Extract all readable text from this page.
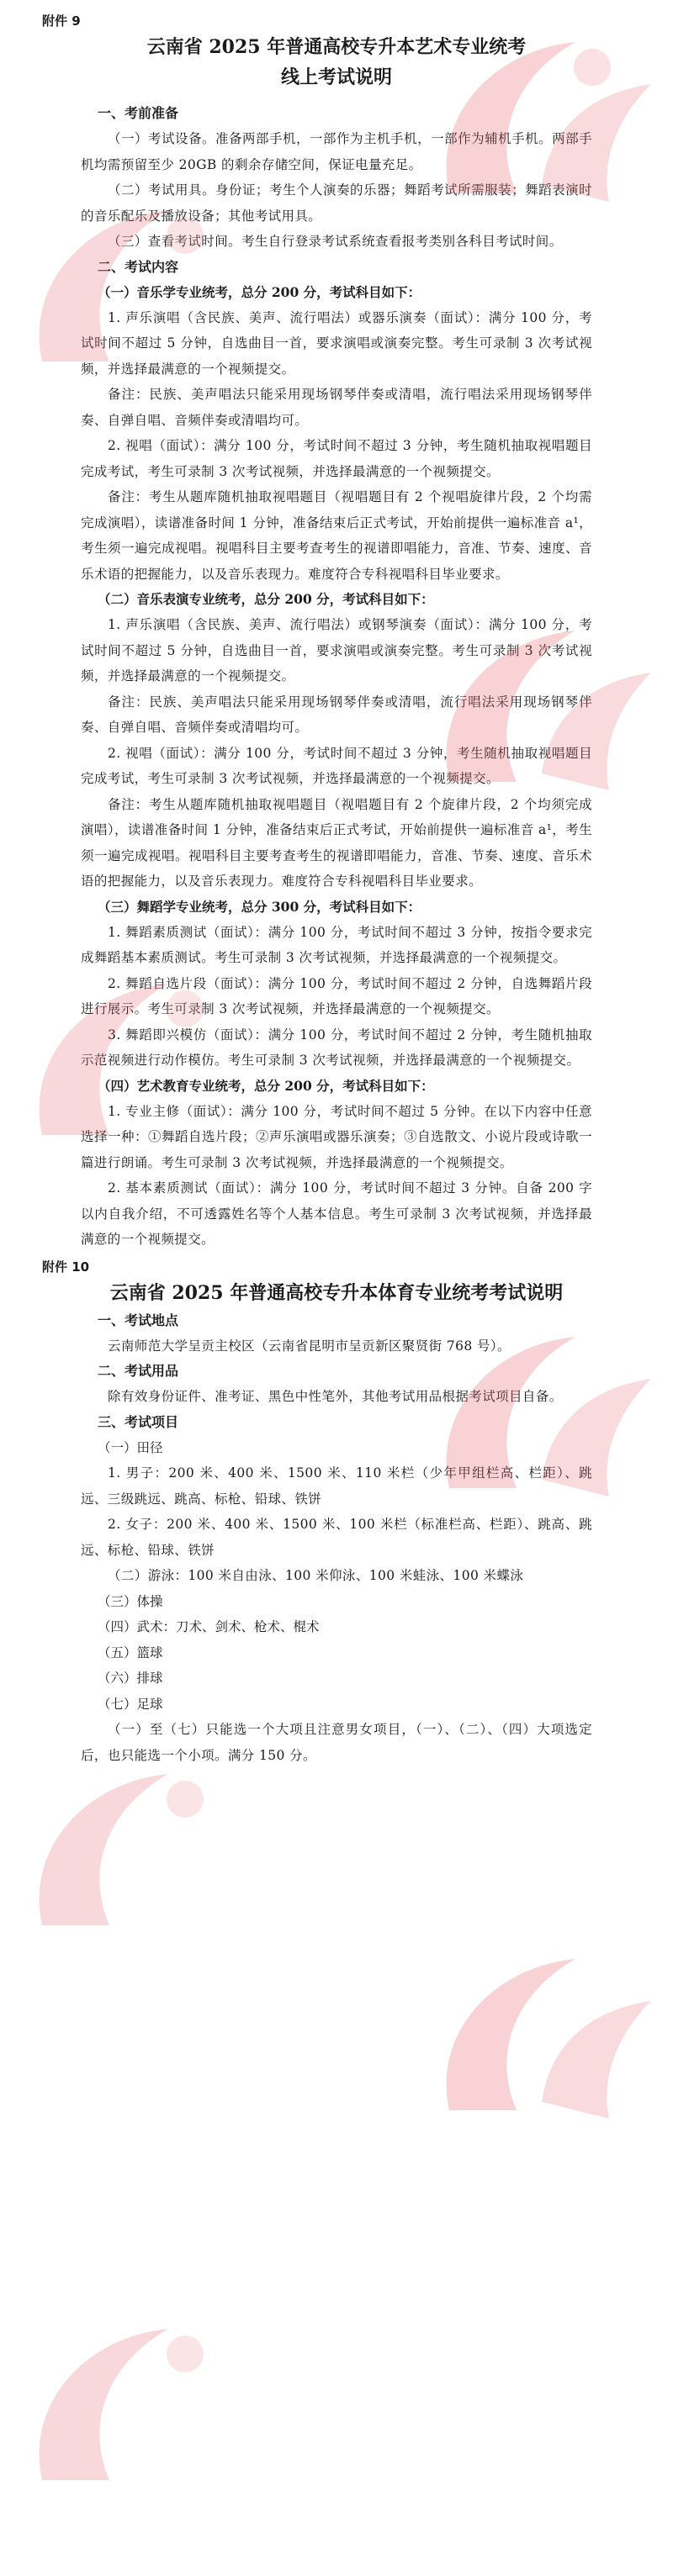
附件 9
云南省 2025 年普通高校专升本艺术专业统考
线上考试说明
一、考前准备

（一）考试设备。准备两部手机，一部作为主机手机，一部作为辅机手机。两部手机均需预留至少 20GB 的剩余存储空间，保证电量充足。

（二）考试用具。身份证；考生个人演奏的乐器；舞蹈考试所需服装；舞蹈表演时的音乐配乐及播放设备；其他考试用具。

（三）查看考试时间。考生自行登录考试系统查看报考类别各科目考试时间。

二、考试内容
（一）音乐学专业统考，总分 200 分，考试科目如下：

1. 声乐演唱（含民族、美声、流行唱法）或器乐演奏（面试）：满分 100 分，考试时间不超过 5 分钟，自选曲目一首，要求演唱或演奏完整。考生可录制 3 次考试视频，并选择最满意的一个视频提交。

备注：民族、美声唱法只能采用现场钢琴伴奏或清唱，流行唱法采用现场钢琴伴奏、自弹自唱、音频伴奏或清唱均可。

2. 视唱（面试）：满分 100 分，考试时间不超过 3 分钟，考生随机抽取视唱题目完成考试，考生可录制 3 次考试视频，并选择最满意的一个视频提交。

备注：考生从题库随机抽取视唱题目（视唱题目有 2 个视唱旋律片段，2 个均需完成演唱），读谱准备时间 1 分钟，准备结束后正式考试，开始前提供一遍标准音 a¹，考生须一遍完成视唱。视唱科目主要考查考生的视谱即唱能力，音准、节奏、速度、音乐术语的把握能力，以及音乐表现力。难度符合专科视唱科目毕业要求。

（二）音乐表演专业统考，总分 200 分，考试科目如下：

1. 声乐演唱（含民族、美声、流行唱法）或钢琴演奏（面试）：满分 100 分，考试时间不超过 5 分钟，自选曲目一首，要求演唱或演奏完整。考生可录制 3 次考试视频，并选择最满意的一个视频提交。

备注：民族、美声唱法只能采用现场钢琴伴奏或清唱，流行唱法采用现场钢琴伴奏、自弹自唱、音频伴奏或清唱均可。

2. 视唱（面试）：满分 100 分，考试时间不超过 3 分钟，考生随机抽取视唱题目完成考试，考生可录制 3 次考试视频，并选择最满意的一个视频提交。

备注：考生从题库随机抽取视唱题目（视唱题目有 2 个旋律片段，2 个均须完成演唱），读谱准备时间 1 分钟，准备结束后正式考试，开始前提供一遍标准音 a¹，考生须一遍完成视唱。视唱科目主要考查考生的视谱即唱能力，音准、节奏、速度、音乐术语的把握能力，以及音乐表现力。难度符合专科视唱科目毕业要求。

（三）舞蹈学专业统考，总分 300 分，考试科目如下：

1. 舞蹈素质测试（面试）：满分 100 分，考试时间不超过 3 分钟，按指令要求完成舞蹈基本素质测试。考生可录制 3 次考试视频，并选择最满意的一个视频提交。

2. 舞蹈自选片段（面试）：满分 100 分，考试时间不超过 2 分钟，自选舞蹈片段进行展示。考生可录制 3 次考试视频，并选择最满意的一个视频提交。

3. 舞蹈即兴模仿（面试）：满分 100 分，考试时间不超过 2 分钟，考生随机抽取示范视频进行动作模仿。考生可录制 3 次考试视频，并选择最满意的一个视频提交。

（四）艺术教育专业统考，总分 200 分，考试科目如下：

1. 专业主修（面试）：满分 100 分，考试时间不超过 5 分钟。在以下内容中任意选择一种：①舞蹈自选片段；②声乐演唱或器乐演奏；③自选散文、小说片段或诗歌一篇进行朗诵。考生可录制 3 次考试视频，并选择最满意的一个视频提交。

2. 基本素质测试（面试）：满分 100 分，考试时间不超过 3 分钟。自备 200 字以内自我介绍，不可透露姓名等个人基本信息。考生可录制 3 次考试视频，并选择最满意的一个视频提交。

附件 10
云南省 2025 年普通高校专升本体育专业统考考试说明
一、考试地点

云南师范大学呈贡主校区（云南省昆明市呈贡新区聚贤街 768 号）。

二、考试用品

除有效身份证件、准考证、黑色中性笔外，其他考试用品根据考试项目自备。

三、考试项目

（一）田径

1. 男子：200 米、400 米、1500 米、110 米栏（少年甲组栏高、栏距）、跳远、三级跳远、跳高、标枪、铅球、铁饼

2. 女子：200 米、400 米、1500 米、100 米栏（标准栏高、栏距）、跳高、跳远、标枪、铅球、铁饼

（二）游泳：100 米自由泳、100 米仰泳、100 米蛙泳、100 米蝶泳

（三）体操

（四）武术：刀术、剑术、枪术、棍术

（五）篮球

（六）排球

（七）足球

（一）至（七）只能选一个大项且注意男女项目，（一）、（二）、（四）大项选定后，也只能选一个小项。满分 150 分。
